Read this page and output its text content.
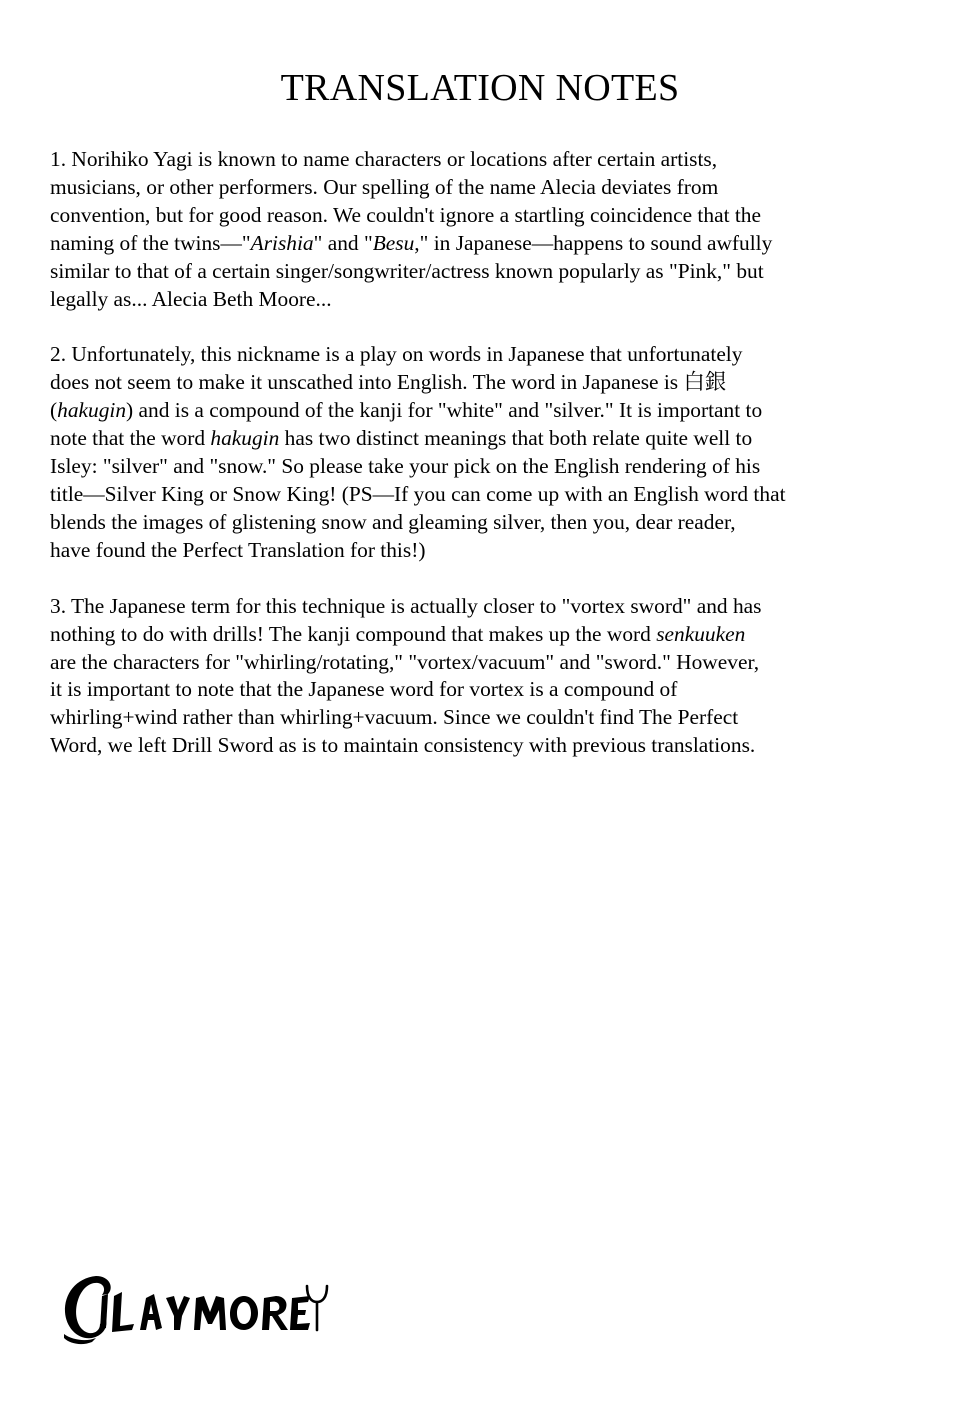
TRANSLATION NOTES

1. Norihiko Yagi is known to name characters or locations after certain artists,
musicians, or other performers. Our spelling of the name Alecia deviates from
convention, but for good reason. We couldn't ignore a startling coincidence that the
naming of the twins—"Arishia" and "Besu," in Japanese—happens to sound awfully
similar to that of a certain singer/songwriter/actress known popularly as "Pink," but
legally as... Alecia Beth Moore...

2. Unfortunately, this nickname is a play on words in Japanese that unfortunately
does not seem to make it unscathed into English. The word in Japanese is 白銀
(hakugin) and is a compound of the kanji for "white" and "silver." It is important to
note that the word hakugin has two distinct meanings that both relate quite well to
Isley: "silver" and "snow." So please take your pick on the English rendering of his
title—Silver King or Snow King! (PS—If you can come up with an English word that
blends the images of glistening snow and gleaming silver, then you, dear reader,
have found the Perfect Translation for this!)

3. The Japanese term for this technique is actually closer to "vortex sword" and has
nothing to do with drills! The kanji compound that makes up the word senkuuken
are the characters for "whirling/rotating," "vortex/vacuum" and "sword." However,
it is important to note that the Japanese word for vortex is a compound of
whirling+wind rather than whirling+vacuum. Since we couldn't find The Perfect
Word, we left Drill Sword as is to maintain consistency with previous translations.
